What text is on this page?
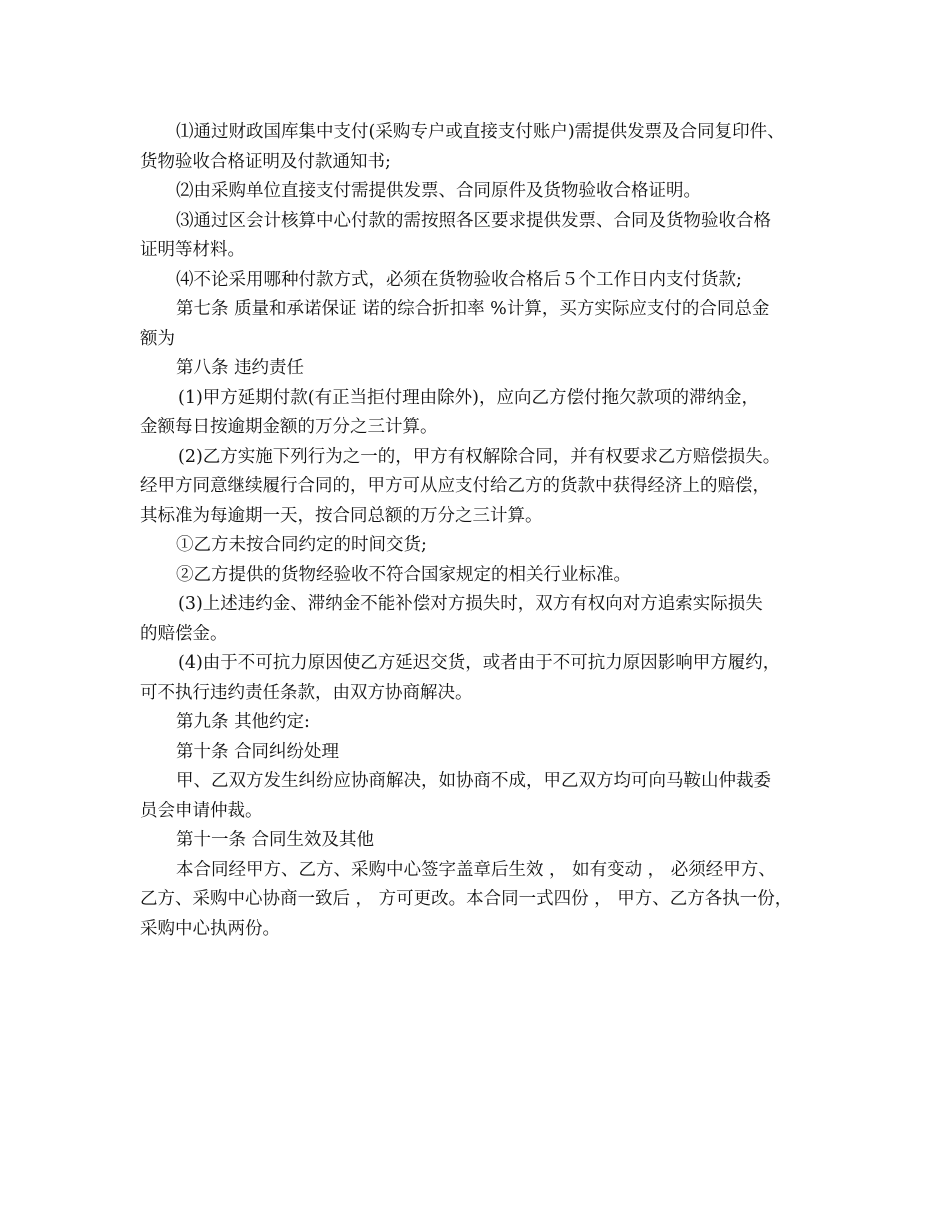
⑴通过财政国库集中支付(采购专户或直接支付账户)需提供发票及合同复印件、
货物验收合格证明及付款通知书;
⑵由采购单位直接支付需提供发票、合同原件及货物验收合格证明。
⑶通过区会计核算中心付款的需按照各区要求提供发票、合同及货物验收合格
证明等材料。
⑷不论采用哪种付款方式，必须在货物验收合格后５个工作日内支付货款;
第七条 质量和承诺保证 诺的综合折扣率 %计算，买方实际应支付的合同总金
额为
第八条 违约责任
(1)甲方延期付款(有正当拒付理由除外)，应向乙方偿付拖欠款项的滞纳金，
金额每日按逾期金额的万分之三计算。
(2)乙方实施下列行为之一的，甲方有权解除合同，并有权要求乙方赔偿损失。
经甲方同意继续履行合同的，甲方可从应支付给乙方的货款中获得经济上的赔偿，
其标准为每逾期一天，按合同总额的万分之三计算。
①乙方未按合同约定的时间交货;
②乙方提供的货物经验收不符合国家规定的相关行业标准。
(3)上述违约金、滞纳金不能补偿对方损失时，双方有权向对方追索实际损失
的赔偿金。
(4)由于不可抗力原因使乙方延迟交货，或者由于不可抗力原因影响甲方履约，
可不执行违约责任条款，由双方协商解决。
第九条 其他约定:
第十条 合同纠纷处理
甲、乙双方发生纠纷应协商解决，如协商不成，甲乙双方均可向马鞍山仲裁委
员会申请仲裁。
第十一条 合同生效及其他
本合同经甲方、乙方、采购中心签字盖章后生效 ， 如有变动 ， 必须经甲方、
乙方、采购中心协商一致后 ， 方可更改。本合同一式四份 ， 甲方、乙方各执一份，
采购中心执两份。
